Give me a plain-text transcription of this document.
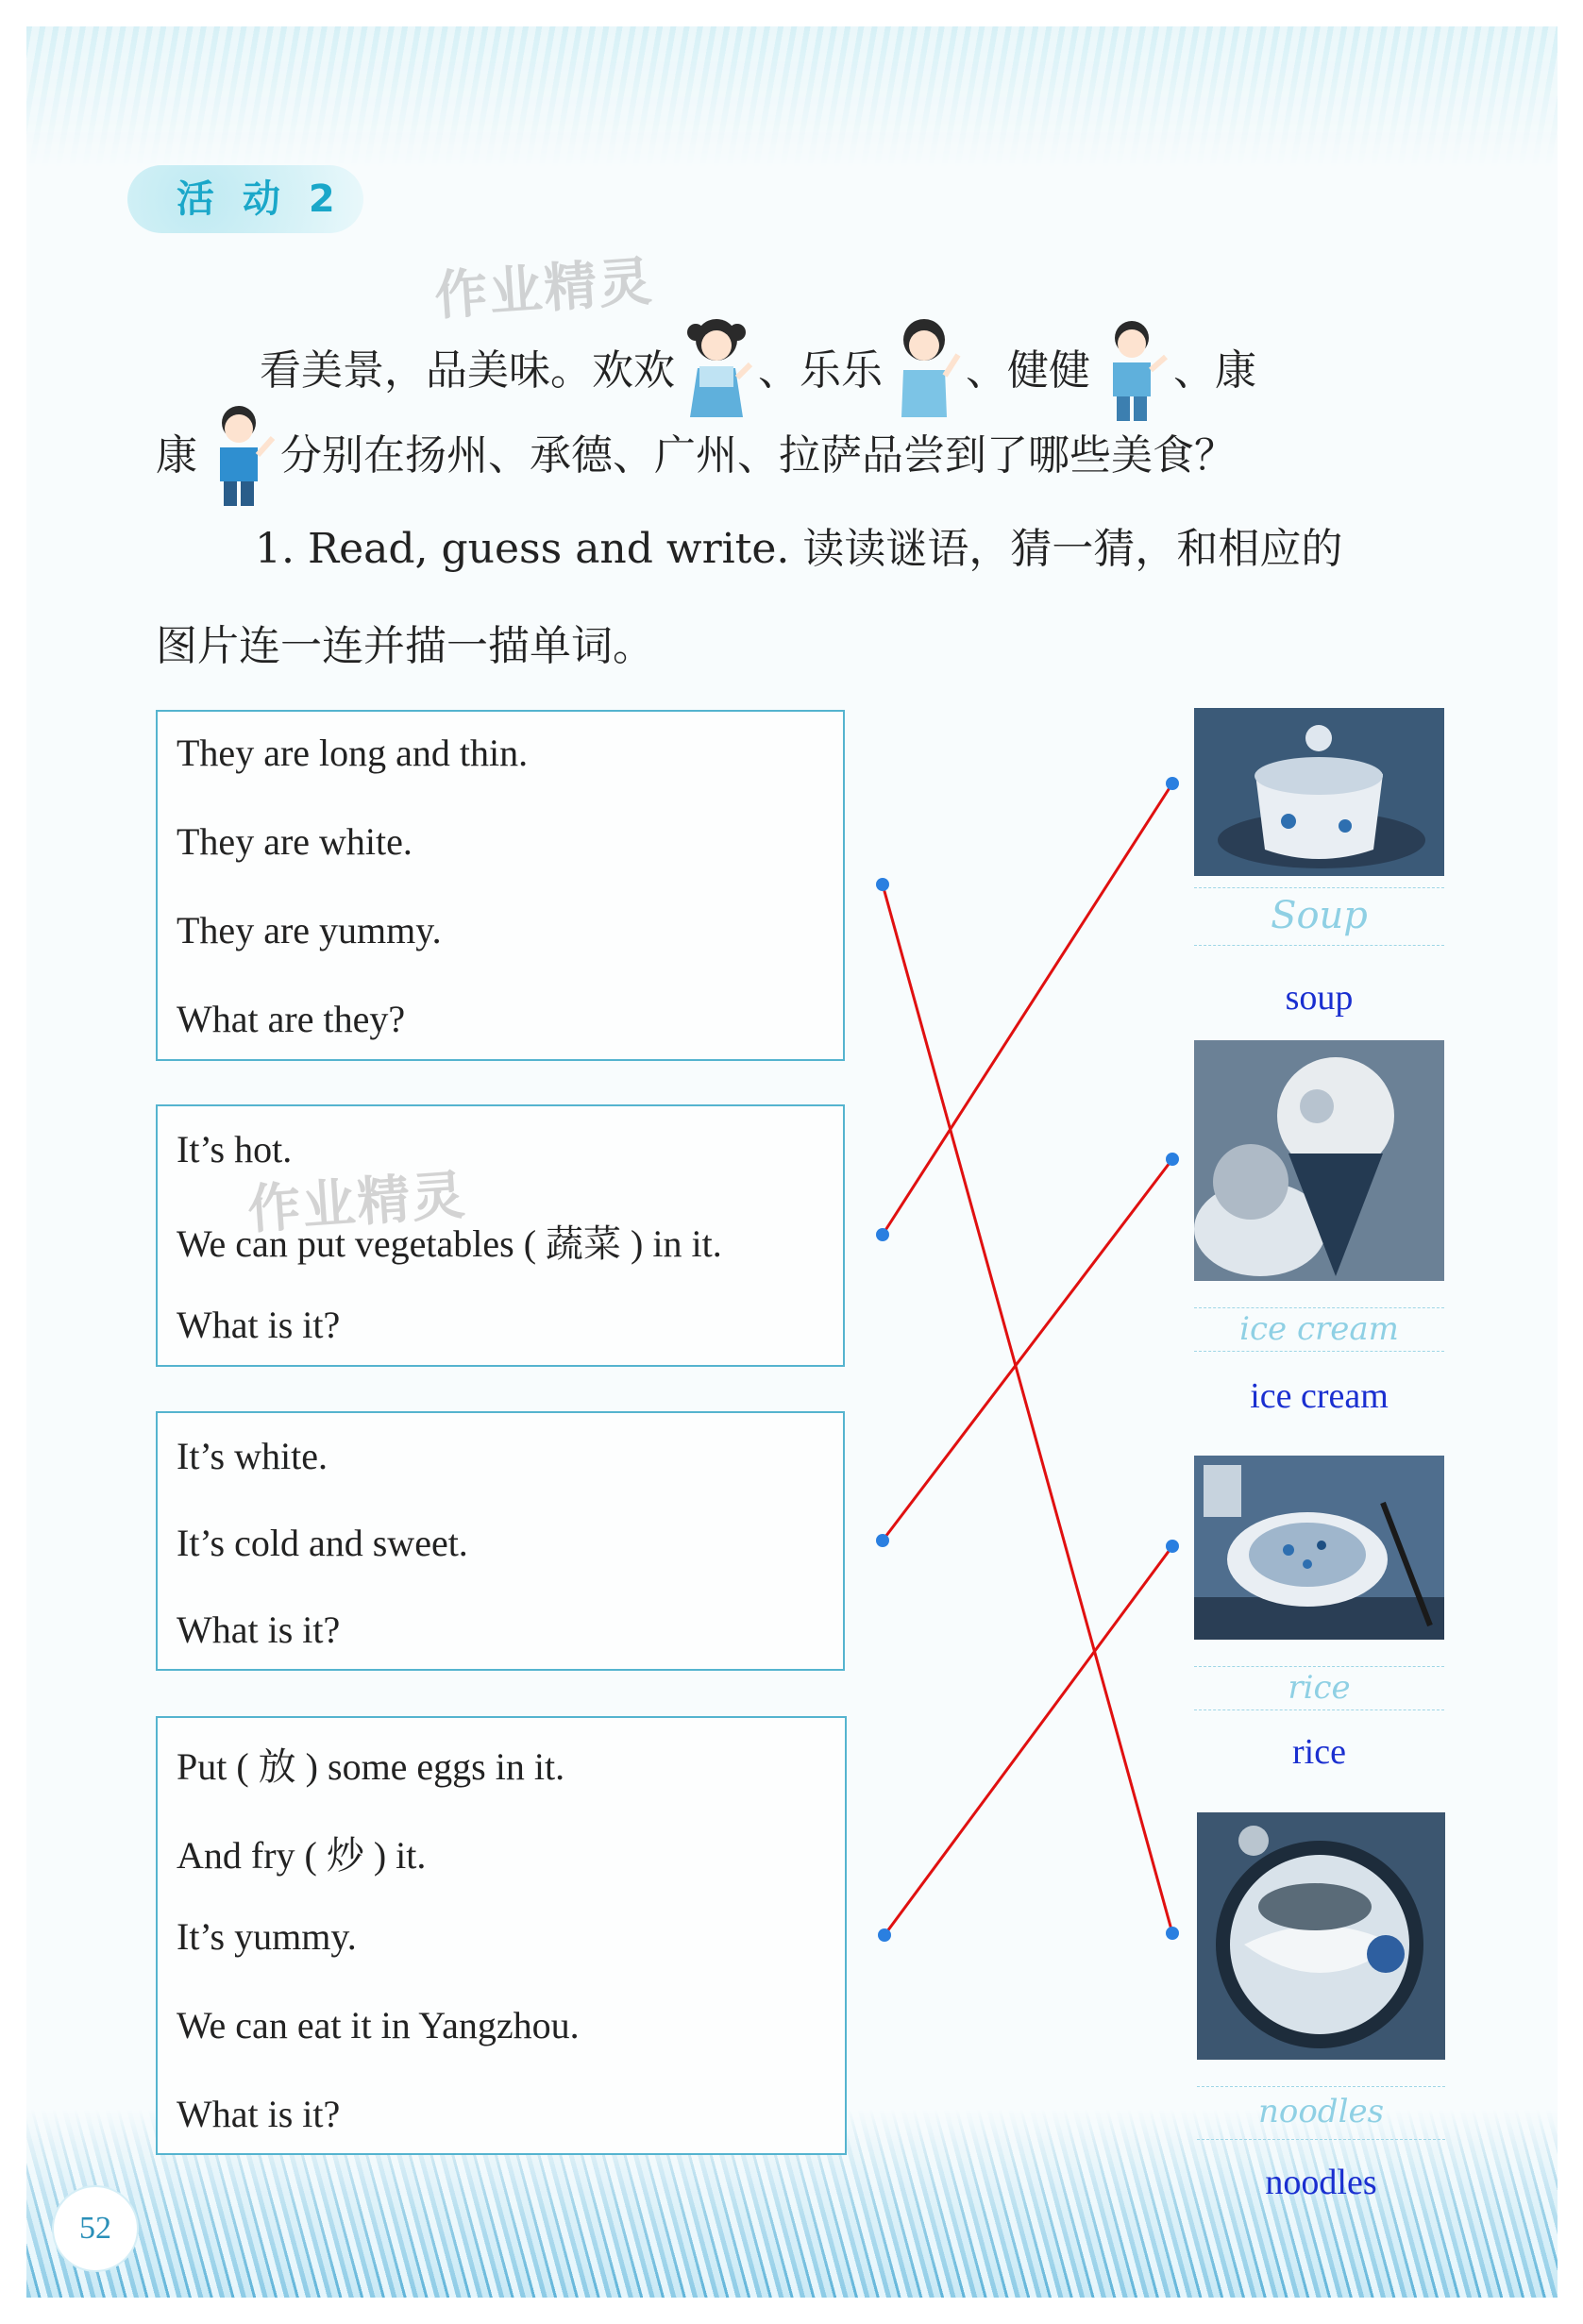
活 动 2
作业精灵
看美景，品美味。欢欢 、乐乐 、健健 、康
康 分别在扬州、承德、广州、拉萨品尝到了哪些美食？
1. Read, guess and write. 读读谜语，猜一猜，和相应的
图片连一连并描一描单词。
They are long and thin.
They are white.
They are yummy.
What are they?
It’s hot.
We can put vegetables ( 蔬菜 ) in it.
What is it?
It’s white.
It’s cold and sweet.
What is it?
Put ( 放 ) some eggs in it.
And fry ( 炒 ) it.
It’s yummy.
We can eat it in Yangzhou.
What is it?
作业精灵
Soup
soup
ice cream
ice cream
rice
rice
noodles
noodles
52
